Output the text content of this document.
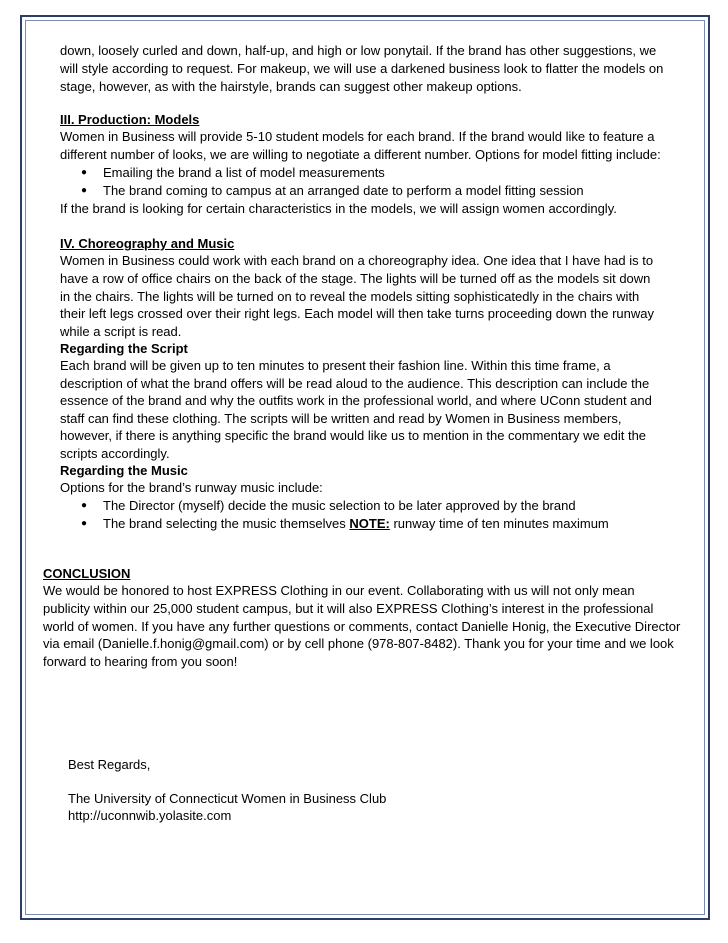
down, loosely curled and down, half-up, and high or low ponytail. If the brand has other suggestions, we
will style according to request. For makeup, we will use a darkened business look to flatter the models on
stage, however, as with the hairstyle, brands can suggest other makeup options.
III. Production: Models
Women in Business will provide 5-10 student models for each brand. If the brand would like to feature a
different number of looks, we are willing to negotiate a different number. Options for model fitting include:
● Emailing the brand a list of model measurements
● The brand coming to campus at an arranged date to perform a model fitting session
If the brand is looking for certain characteristics in the models, we will assign women accordingly.
IV. Choreography and Music
Women in Business could work with each brand on a choreography idea. One idea that I have had is to
have a row of office chairs on the back of the stage. The lights will be turned off as the models sit down
in the chairs. The lights will be turned on to reveal the models sitting sophisticatedly in the chairs with
their left legs crossed over their right legs. Each model will then take turns proceeding down the runway
while a script is read.
Regarding the Script
Each brand will be given up to ten minutes to present their fashion line. Within this time frame, a
description of what the brand offers will be read aloud to the audience. This description can include the
essence of the brand and why the outfits work in the professional world, and where UConn student and
staff can find these clothing. The scripts will be written and read by Women in Business members,
however, if there is anything specific the brand would like us to mention in the commentary we edit the
scripts accordingly.
Regarding the Music
Options for the brand’s runway music include:
● The Director (myself) decide the music selection to be later approved by the brand
● The brand selecting the music themselves NOTE: runway time of ten minutes maximum
CONCLUSION
We would be honored to host EXPRESS Clothing in our event. Collaborating with us will not only mean
publicity within our 25,000 student campus, but it will also EXPRESS Clothing’s interest in the professional
world of women. If you have any further questions or comments, contact Danielle Honig, the Executive Director
via email (Danielle.f.honig@gmail.com) or by cell phone (978-807-8482). Thank you for your time and we look
forward to hearing from you soon!
Best Regards,
The University of Connecticut Women in Business Club
http://uconnwib.yolasite.com
